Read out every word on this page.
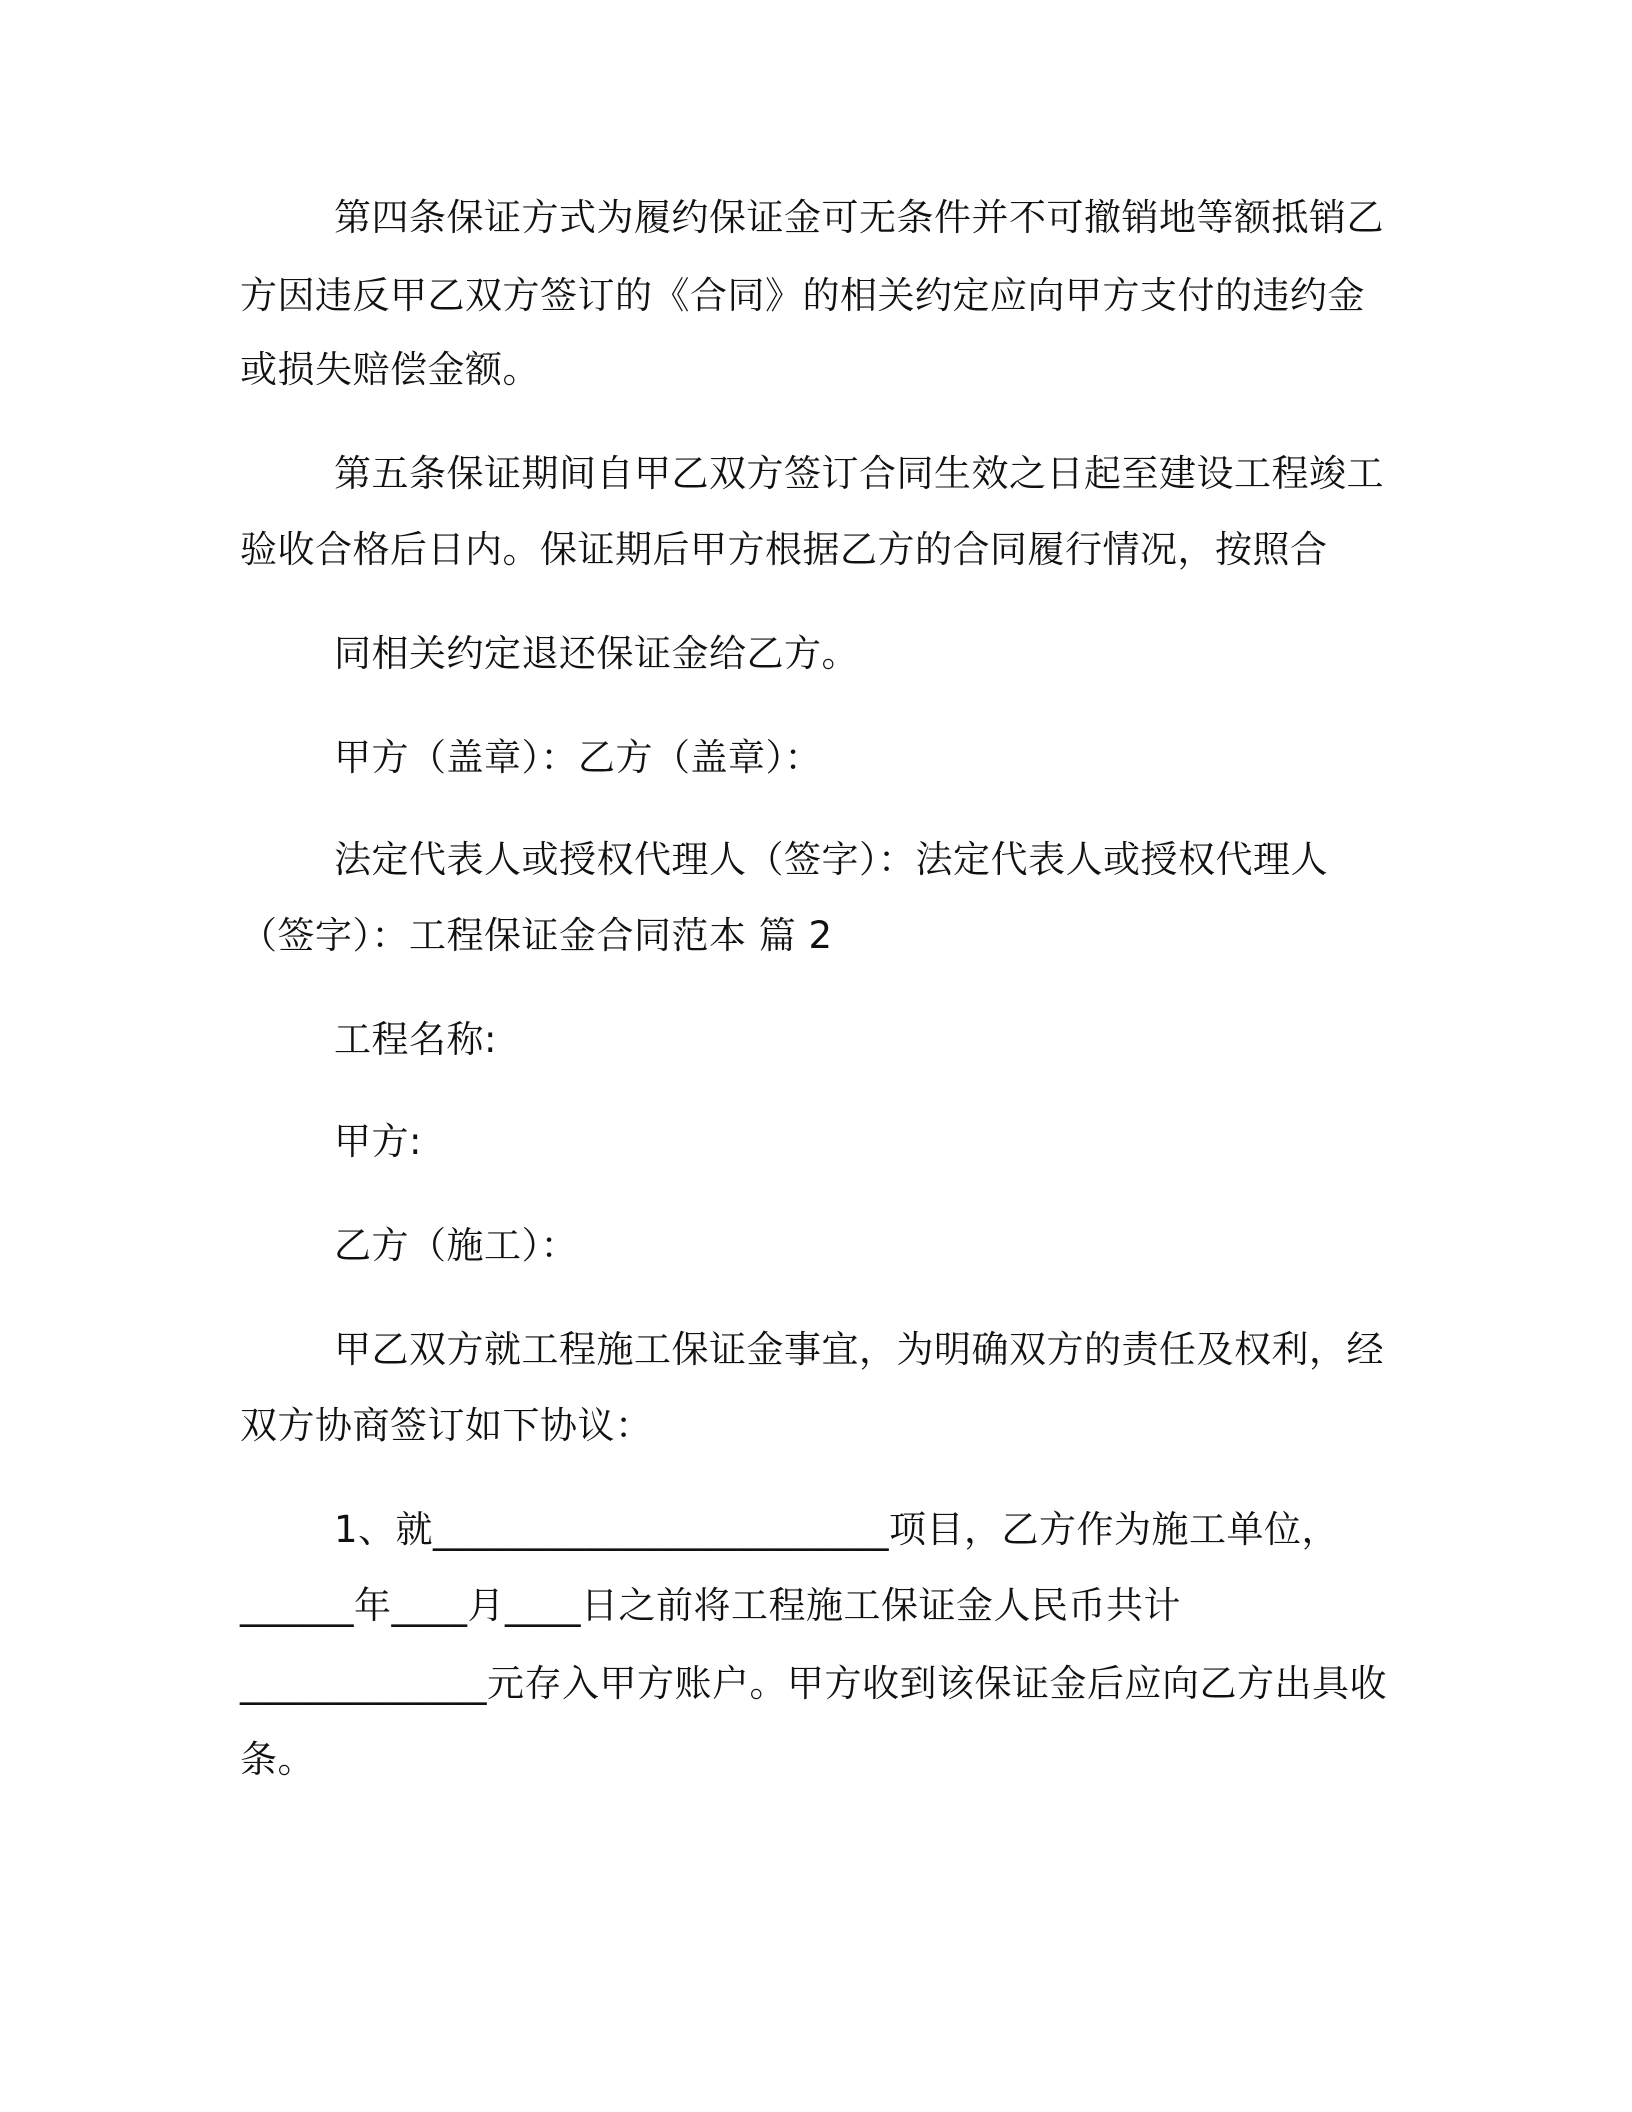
第四条保证方式为履约保证金可无条件并不可撤销地等额抵销乙
方因违反甲乙双方签订的《合同》的相关约定应向甲方支付的违约金
或损失赔偿金额。
第五条保证期间自甲乙双方签订合同生效之日起至建设工程竣工
验收合格后日内。保证期后甲方根据乙方的合同履行情况，按照合
同相关约定退还保证金给乙方。
甲方（盖章）：乙方（盖章）：
法定代表人或授权代理人（签字）：法定代表人或授权代理人
（签字）：工程保证金合同范本 篇 2
工程名称:
甲方:
乙方（施工）：
甲乙双方就工程施工保证金事宜，为明确双方的责任及权利，经
双方协商签订如下协议：
1、就________________________项目，乙方作为施工单位，
______年____月____日之前将工程施工保证金人民币共计
_____________元存入甲方账户。甲方收到该保证金后应向乙方出具收
条。
